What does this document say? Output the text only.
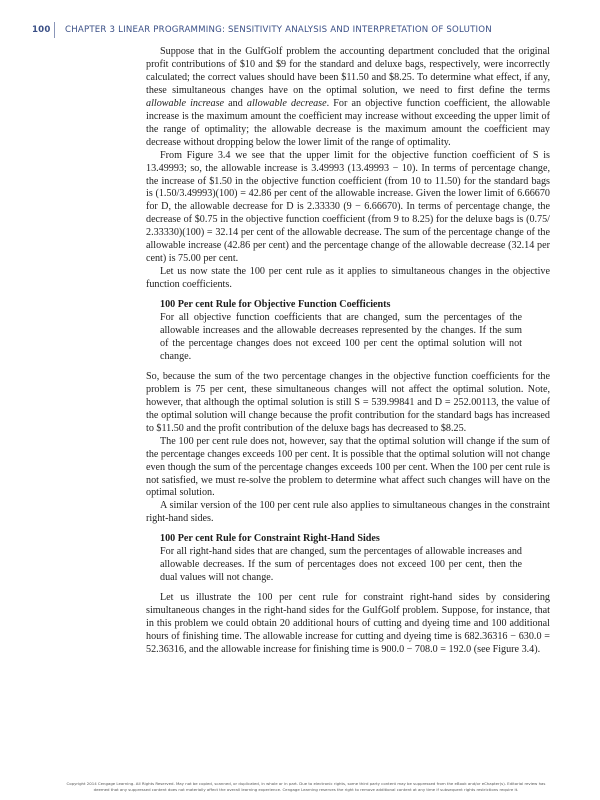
100 CHAPTER 3 LINEAR PROGRAMMING: SENSITIVITY ANALYSIS AND INTERPRETATION OF SOLUTION

Suppose that in the GulfGolf problem the accounting department concluded that the original profit contributions of $10 and $9 for the standard and deluxe bags, respectively, were incorrectly calculated; the correct values should have been $11.50 and $8.25. To determine what effect, if any, these simultaneous changes have on the optimal solution, we need to first define the terms allowable increase and allowable decrease. For an objective function coefficient, the allowable increase is the maximum amount the coefficient may increase without exceeding the upper limit of the range of optimality; the allowable decrease is the maximum amount the coefficient may decrease without dropping below the lower limit of the range of optimality.

From Figure 3.4 we see that the upper limit for the objective function coefficient of S is 13.49993; so, the allowable increase is 3.49993 (13.49993 − 10). In terms of percentage change, the increase of $1.50 in the objective function coefficient (from 10 to 11.50) for the standard bags is (1.50/3.49993)(100) = 42.86 per cent of the allowable increase. Given the lower limit of 6.66670 for D, the allowable decrease for D is 2.33330 (9 − 6.66670). In terms of percentage change, the decrease of $0.75 in the objective function coefficient (from 9 to 8.25) for the deluxe bags is (0.75/ 2.33330)(100) = 32.14 per cent of the allowable decrease. The sum of the percentage change of the allowable increase (42.86 per cent) and the percentage change of the allowable decrease (32.14 per cent) is 75.00 per cent.

Let us now state the 100 per cent rule as it applies to simultaneous changes in the objective function coefficients.

100 Per cent Rule for Objective Function Coefficients

For all objective function coefficients that are changed, sum the percentages of the allowable increases and the allowable decreases represented by the changes. If the sum of the percentage changes does not exceed 100 per cent the optimal solution will not change.

So, because the sum of the two percentage changes in the objective function coefficients for the problem is 75 per cent, these simultaneous changes will not affect the optimal solution. Note, however, that although the optimal solution is still S = 539.99841 and D = 252.00113, the value of the optimal solution will change because the profit contribution for the standard bags has increased to $11.50 and the profit contribution of the deluxe bags has decreased to $8.25.

The 100 per cent rule does not, however, say that the optimal solution will change if the sum of the percentage changes exceeds 100 per cent. It is possible that the optimal solution will not change even though the sum of the percentage changes exceeds 100 per cent. When the 100 per cent rule is not satisfied, we must re-solve the problem to determine what affect such changes will have on the optimal solution.

A similar version of the 100 per cent rule also applies to simultaneous changes in the constraint right-hand sides.

100 Per cent Rule for Constraint Right-Hand Sides

For all right-hand sides that are changed, sum the percentages of allowable increases and allowable decreases. If the sum of percentages does not exceed 100 per cent, then the dual values will not change.

Let us illustrate the 100 per cent rule for constraint right-hand sides by considering simultaneous changes in the right-hand sides for the GulfGolf problem. Suppose, for instance, that in this problem we could obtain 20 additional hours of cutting and dyeing time and 100 additional hours of finishing time. The allowable increase for cutting and dyeing time is 682.36316 − 630.0 = 52.36316, and the allowable increase for finishing time is 900.0 − 708.0 = 192.0 (see Figure 3.4).

Copyright 2014 Cengage Learning. All Rights Reserved. May not be copied, scanned, or duplicated, in whole or in part. Due to electronic rights, some third party content may be suppressed from the eBook and/or eChapter(s). Editorial review has
deemed that any suppressed content does not materially affect the overall learning experience. Cengage Learning reserves the right to remove additional content at any time if subsequent rights restrictions require it.
